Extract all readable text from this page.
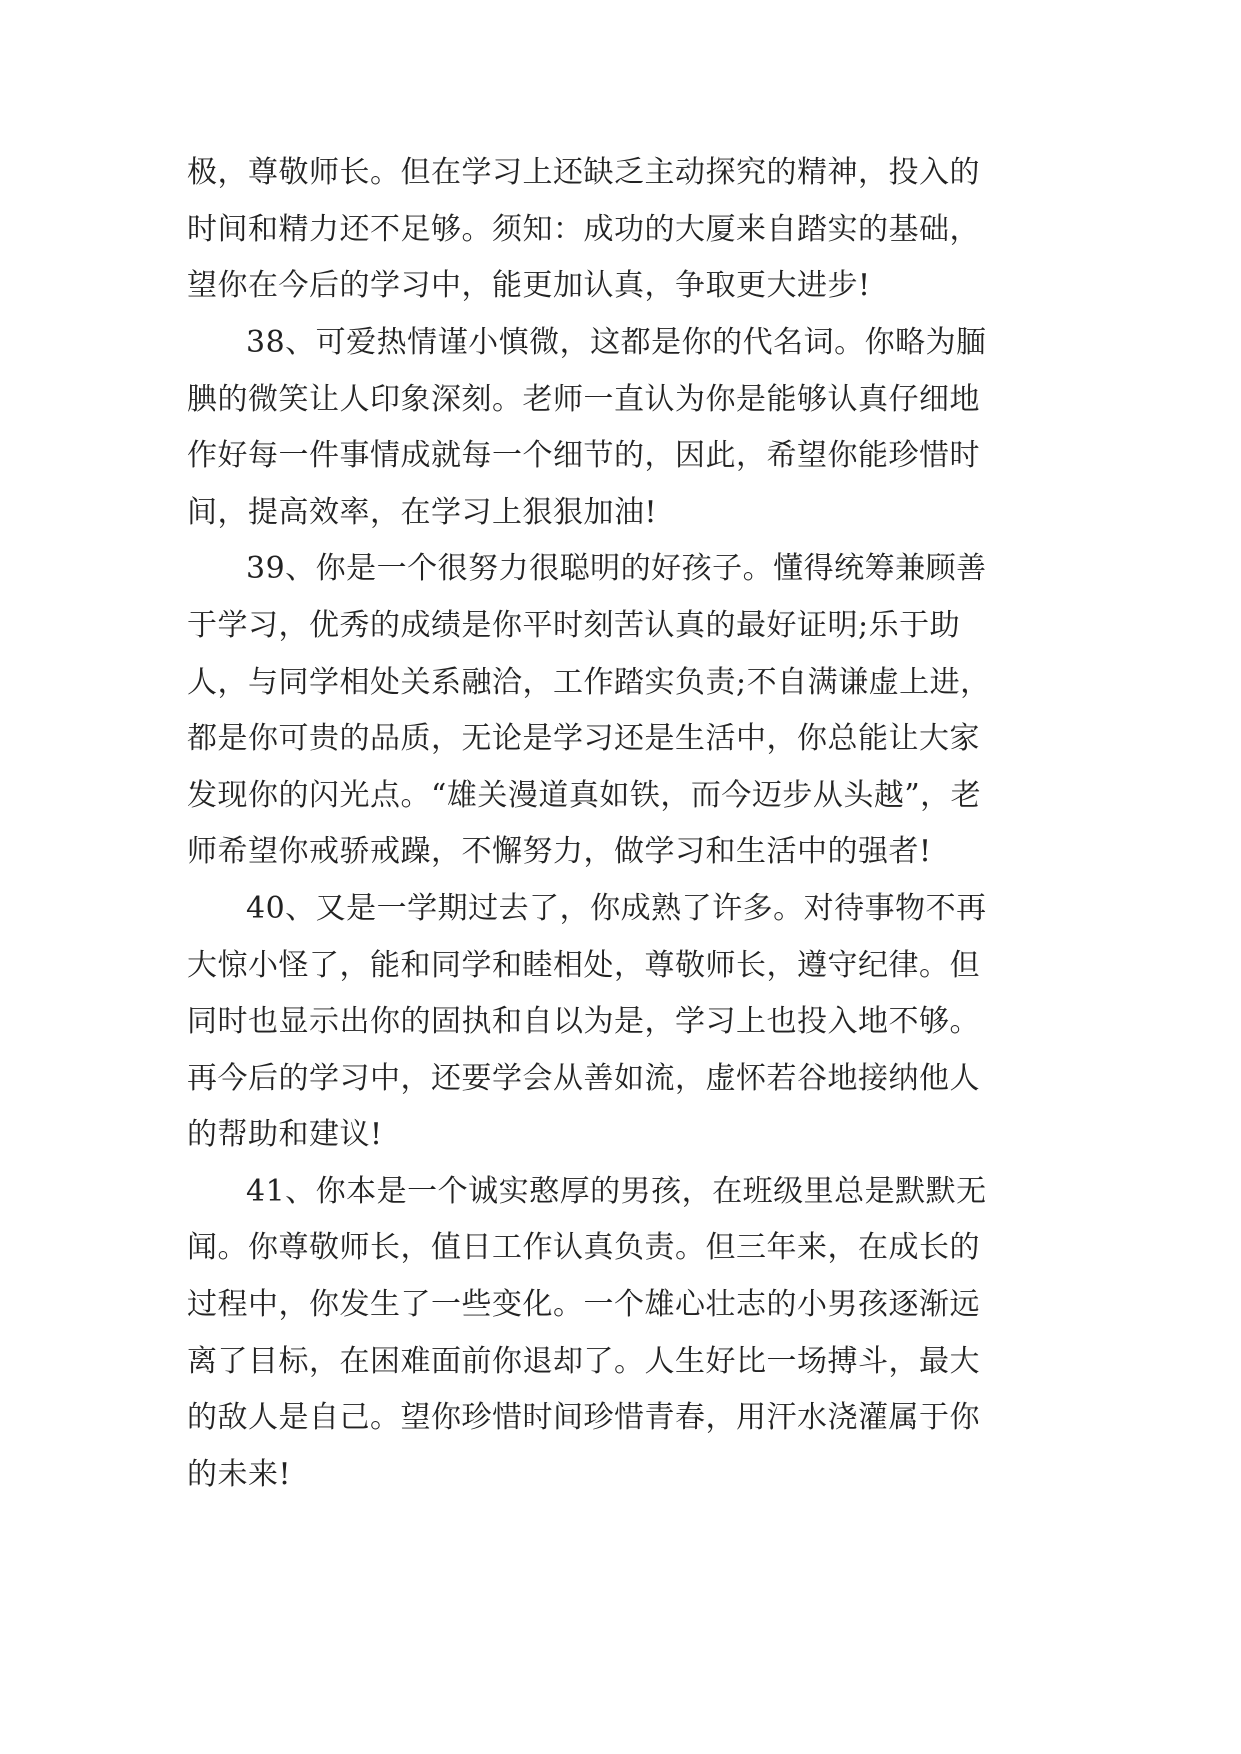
极，尊敬师长。但在学习上还缺乏主动探究的精神，投入的
时间和精力还不足够。须知：成功的大厦来自踏实的基础，
望你在今后的学习中，能更加认真，争取更大进步!
38、可爱热情谨小慎微，这都是你的代名词。你略为腼
腆的微笑让人印象深刻。老师一直认为你是能够认真仔细地
作好每一件事情成就每一个细节的，因此，希望你能珍惜时
间，提高效率，在学习上狠狠加油!
39、你是一个很努力很聪明的好孩子。懂得统筹兼顾善
于学习，优秀的成绩是你平时刻苦认真的最好证明;乐于助
人，与同学相处关系融洽，工作踏实负责;不自满谦虚上进，
都是你可贵的品质，无论是学习还是生活中，你总能让大家
发现你的闪光点。“雄关漫道真如铁，而今迈步从头越”，老
师希望你戒骄戒躁，不懈努力，做学习和生活中的强者!
40、又是一学期过去了，你成熟了许多。对待事物不再
大惊小怪了，能和同学和睦相处，尊敬师长，遵守纪律。但
同时也显示出你的固执和自以为是，学习上也投入地不够。
再今后的学习中，还要学会从善如流，虚怀若谷地接纳他人
的帮助和建议!
41、你本是一个诚实憨厚的男孩，在班级里总是默默无
闻。你尊敬师长，值日工作认真负责。但三年来，在成长的
过程中，你发生了一些变化。一个雄心壮志的小男孩逐渐远
离了目标，在困难面前你退却了。人生好比一场搏斗，最大
的敌人是自己。望你珍惜时间珍惜青春，用汗水浇灌属于你
的未来!
